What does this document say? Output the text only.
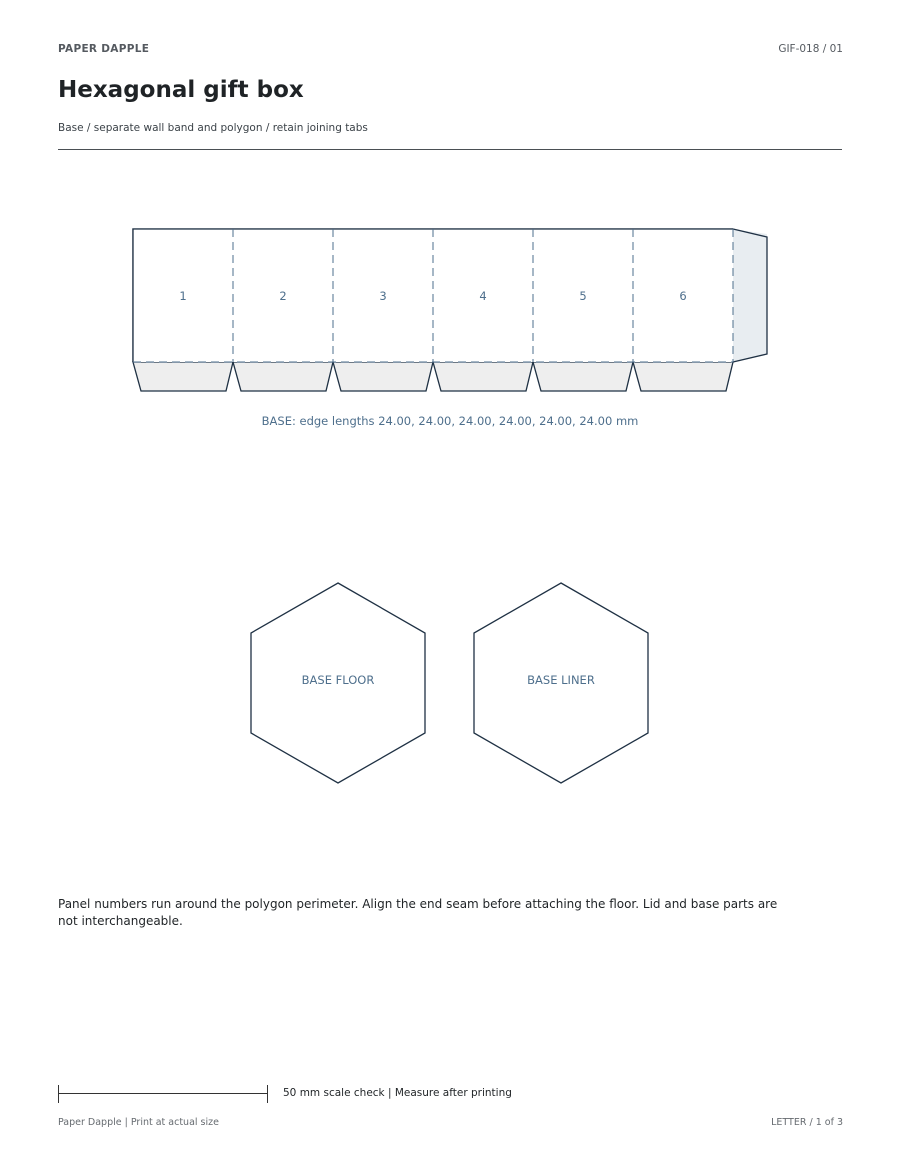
PAPER DAPPLE	GIF-018 / 01
Hexagonal gift box
Base / separate wall band and polygon / retain joining tabs
1	2	3	4	5	6
BASE: edge lengths 24.00, 24.00, 24.00, 24.00, 24.00, 24.00 mm
BASE FLOOR	BASE LINER
Panel numbers run around the polygon perimeter. Align the end seam before attaching the floor. Lid and base parts are not interchangeable.
50 mm scale check | Measure after printing
Paper Dapple | Print at actual size	LETTER / 1 of 3
